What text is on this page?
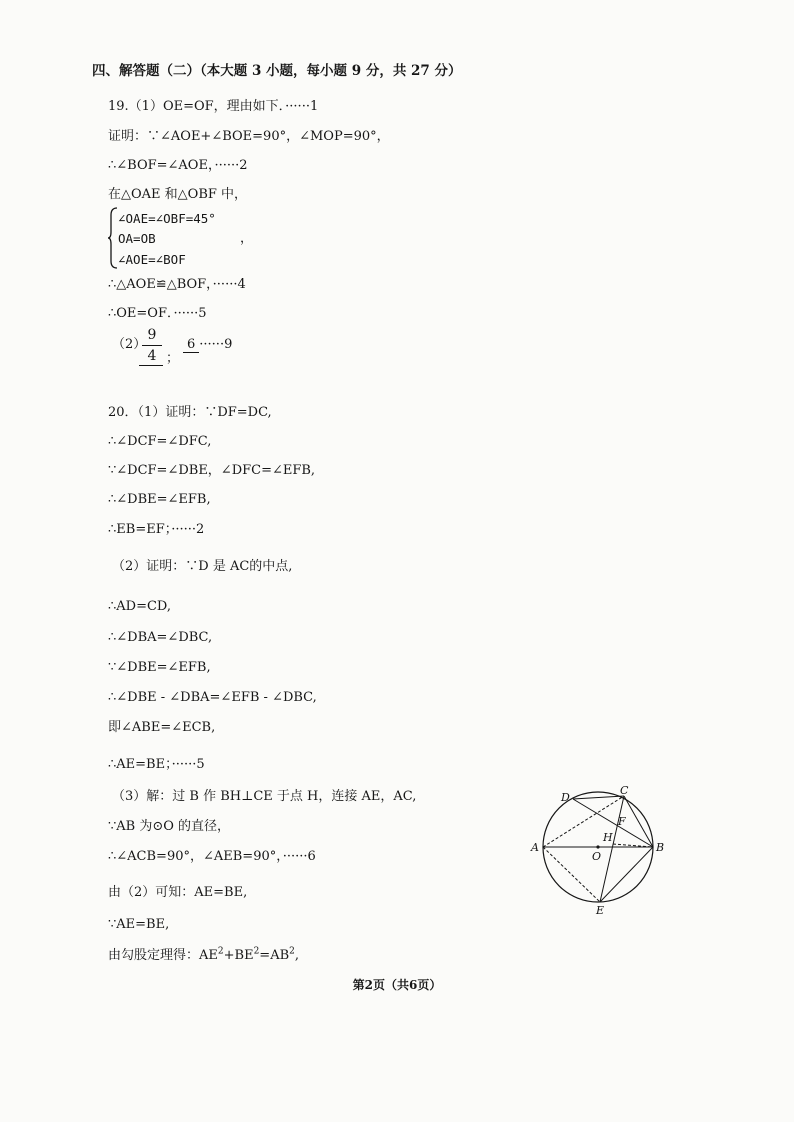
四、解答题（二）（本大题 3 小题，每小题 9 分，共 27 分）
19.（1）OE=OF，理由如下．······1
证明：∵∠AOE+∠BOE=90°，∠MOP=90°，
∴∠BOF=∠AOE，······2
在△OAE 和△OBF 中，
∠OAE=∠OBF=45°
OA=OB	，
∠AOE=∠BOF
∴△AOE≌△BOF，······4
∴OE=OF．······5
（2）
9
4 ；
6 ······9
20．（1）证明：∵DF=DC,
∴∠DCF=∠DFC,
∵∠DCF=∠DBE，∠DFC=∠EFB,
∴∠DBE=∠EFB,
∴EB=EF；······2
（2）证明：∵D 是 AC的中点,
∴AD=CD,
∴∠DBA=∠DBC,
∵∠DBE=∠EFB,
∴∠DBE - ∠DBA=∠EFB - ∠DBC,
即∠ABE=∠ECB,
∴AE=BE；······5
（3）解：过 B 作 BH⊥CE 于点 H，连接 AE，AC,
∵AB 为⊙O 的直径，
∴∠ACB=90°，∠AEB=90°，······6
由（2）可知：AE=BE,
∵AE=BE,
由勾股定理得：$AE^2+BE^2=AB^2$,
A	B
C
D
E
F
H
O
第2页（共6页）
